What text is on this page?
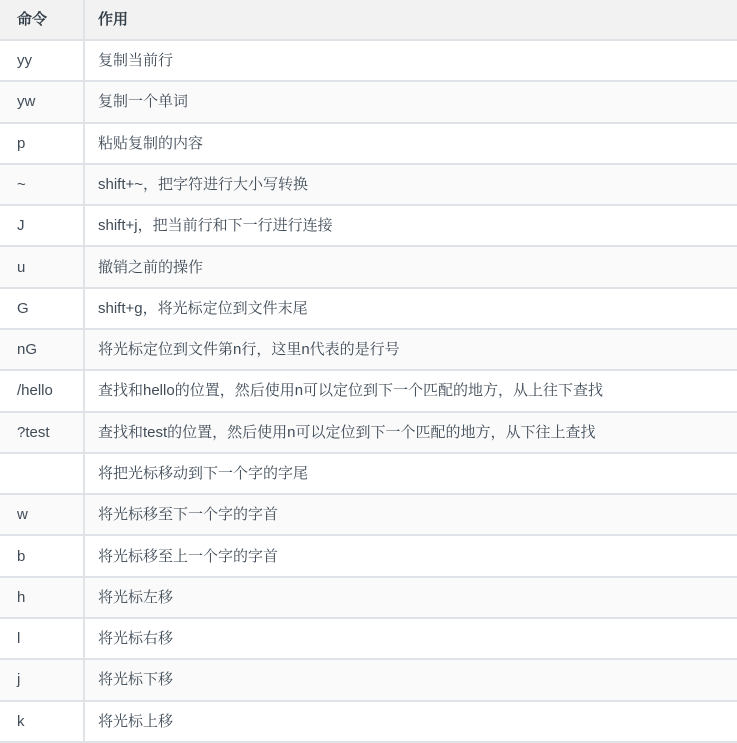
命令	作用
yy	复制当前行
yw	复制一个单词
p	粘贴复制的内容
~	shift+~，把字符进行大小写转换
J	shift+j，把当前行和下一行进行连接
u	撤销之前的操作
G	shift+g，将光标定位到文件末尾
nG	将光标定位到文件第n行，这里n代表的是行号
/hello	查找和hello的位置，然后使用n可以定位到下一个匹配的地方，从上往下查找
?test	查找和test的位置，然后使用n可以定位到下一个匹配的地方，从下往上查找
	将把光标移动到下一个字的字尾
w	将光标移至下一个字的字首
b	将光标移至上一个字的字首
h	将光标左移
l	将光标右移
j	将光标下移
k	将光标上移
